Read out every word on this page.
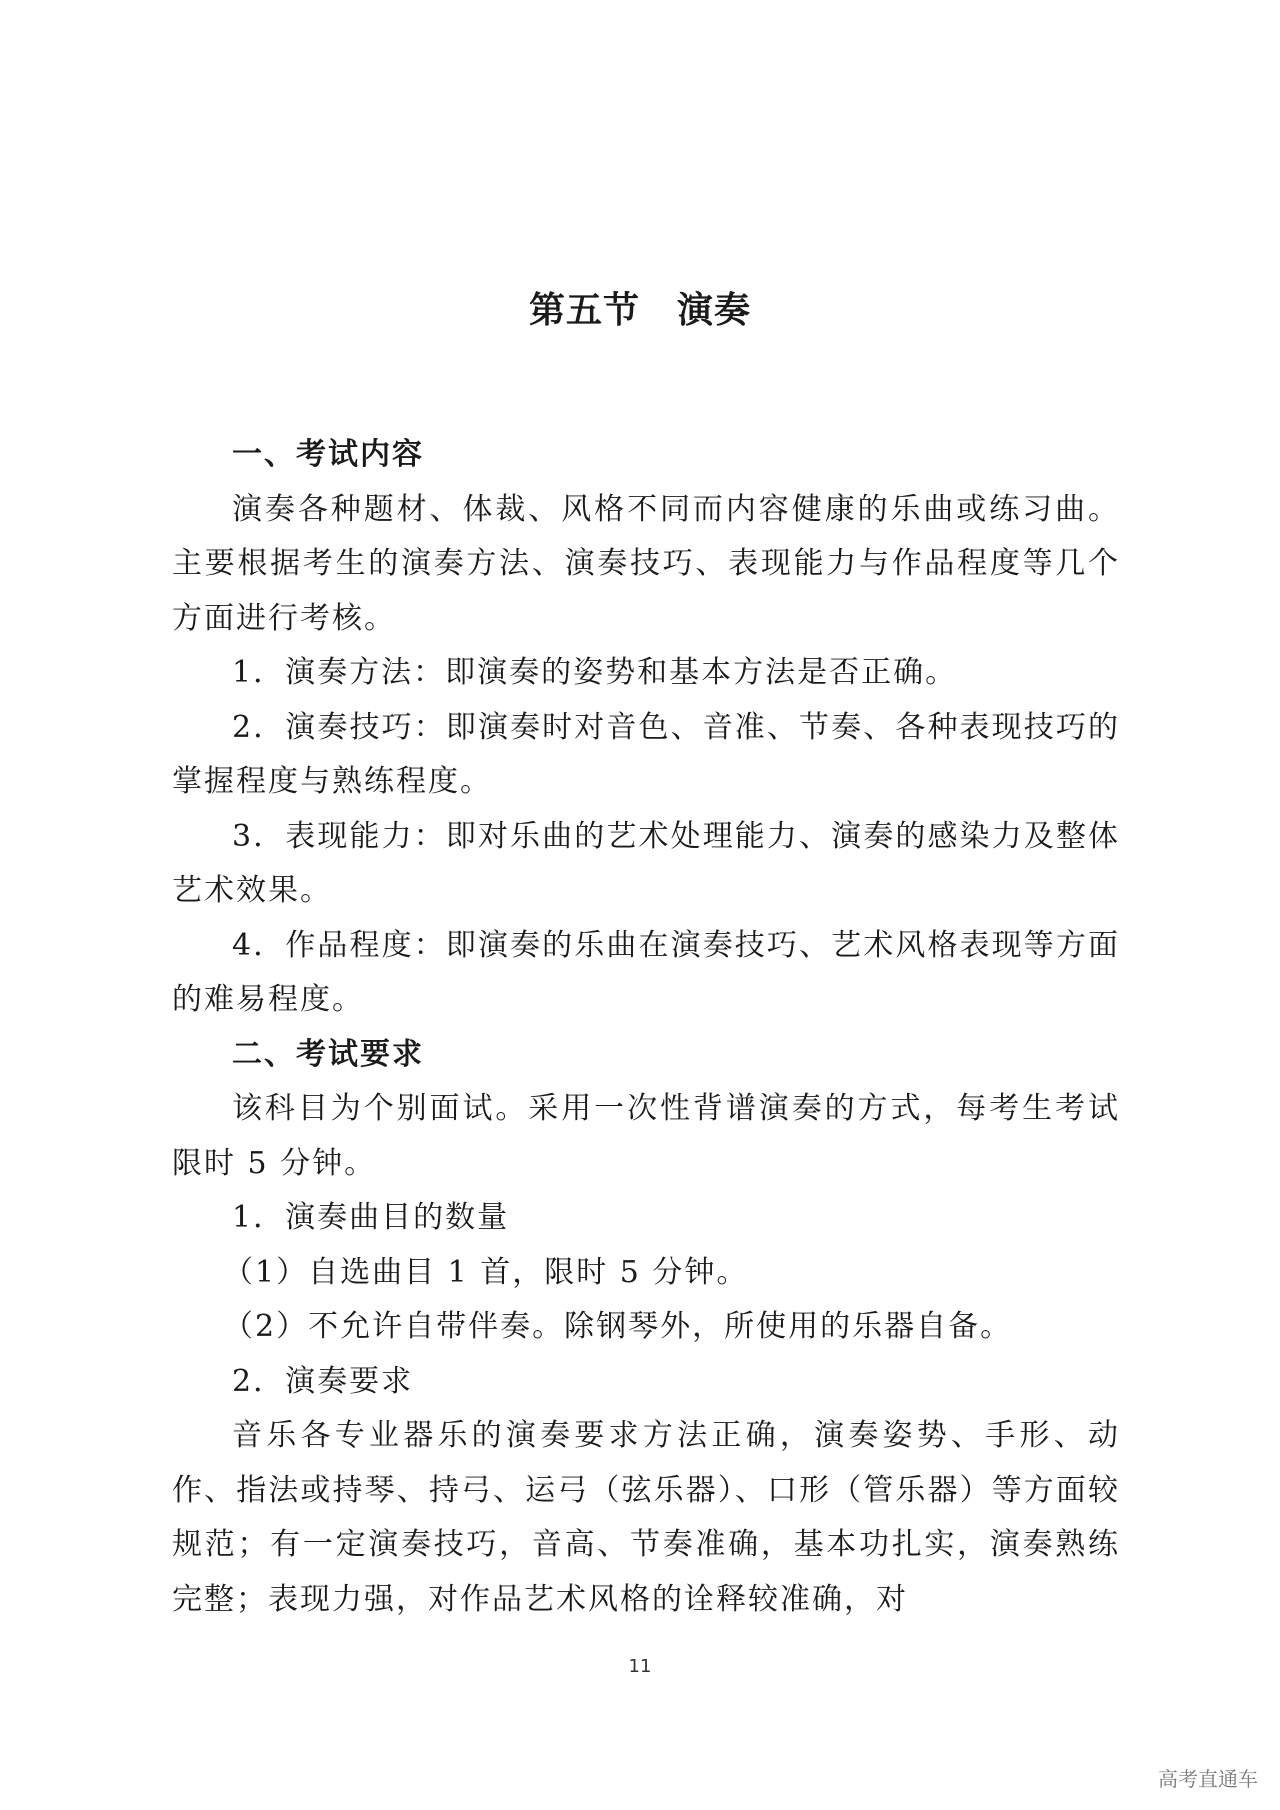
第五节　演奏

一、考试内容

演奏各种题材、体裁、风格不同而内容健康的乐曲或练习曲。主要根据考生的演奏方法、演奏技巧、表现能力与作品程度等几个方面进行考核。

1．演奏方法：即演奏的姿势和基本方法是否正确。

2．演奏技巧：即演奏时对音色、音准、节奏、各种表现技巧的掌握程度与熟练程度。

3．表现能力：即对乐曲的艺术处理能力、演奏的感染力及整体艺术效果。

4．作品程度：即演奏的乐曲在演奏技巧、艺术风格表现等方面的难易程度。

二、考试要求

该科目为个别面试。采用一次性背谱演奏的方式，每考生考试限时 5 分钟。

1．演奏曲目的数量

（1）自选曲目 1 首，限时 5 分钟。

（2）不允许自带伴奏。除钢琴外，所使用的乐器自备。

2．演奏要求

音乐各专业器乐的演奏要求方法正确，演奏姿势、手形、动作、指法或持琴、持弓、运弓（弦乐器）、口形（管乐器）等方面较规范；有一定演奏技巧，音高、节奏准确，基本功扎实，演奏熟练完整；表现力强，对作品艺术风格的诠释较准确，对

11
高考直通车
